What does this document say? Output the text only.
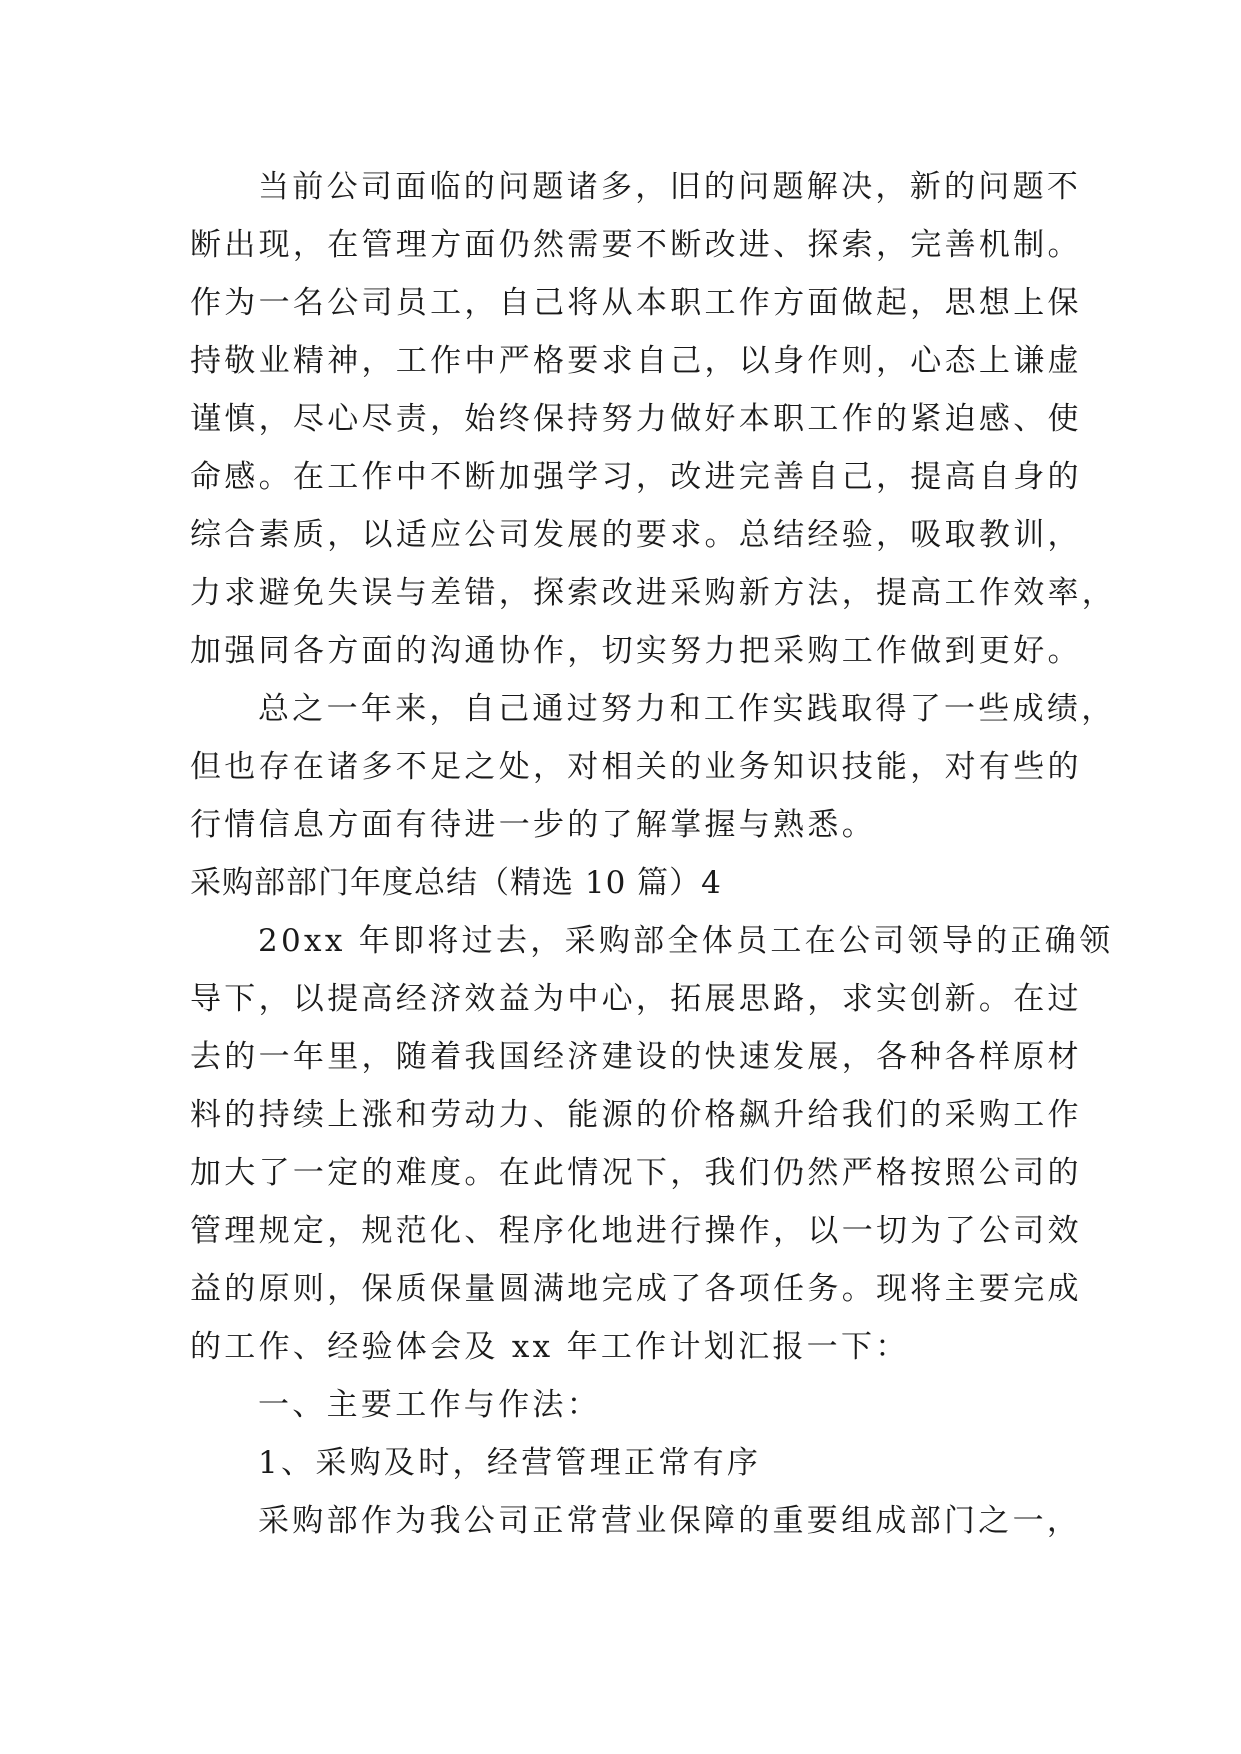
当前公司面临的问题诸多，旧的问题解决，新的问题不
断出现，在管理方面仍然需要不断改进、探索，完善机制。
作为一名公司员工，自己将从本职工作方面做起，思想上保
持敬业精神，工作中严格要求自己，以身作则，心态上谦虚
谨慎，尽心尽责，始终保持努力做好本职工作的紧迫感、使
命感。在工作中不断加强学习，改进完善自己，提高自身的
综合素质，以适应公司发展的要求。总结经验，吸取教训，
力求避免失误与差错，探索改进采购新方法，提高工作效率，
加强同各方面的沟通协作，切实努力把采购工作做到更好。
总之一年来，自己通过努力和工作实践取得了一些成绩，
但也存在诸多不足之处，对相关的业务知识技能，对有些的
行情信息方面有待进一步的了解掌握与熟悉。
采购部部门年度总结（精选 10 篇）4
20xx 年即将过去，采购部全体员工在公司领导的正确领
导下，以提高经济效益为中心，拓展思路，求实创新。在过
去的一年里，随着我国经济建设的快速发展，各种各样原材
料的持续上涨和劳动力、能源的价格飙升给我们的采购工作
加大了一定的难度。在此情况下，我们仍然严格按照公司的
管理规定，规范化、程序化地进行操作，以一切为了公司效
益的原则，保质保量圆满地完成了各项任务。现将主要完成
的工作、经验体会及 xx 年工作计划汇报一下：
一、主要工作与作法：
1、采购及时，经营管理正常有序
采购部作为我公司正常营业保障的重要组成部门之一，
